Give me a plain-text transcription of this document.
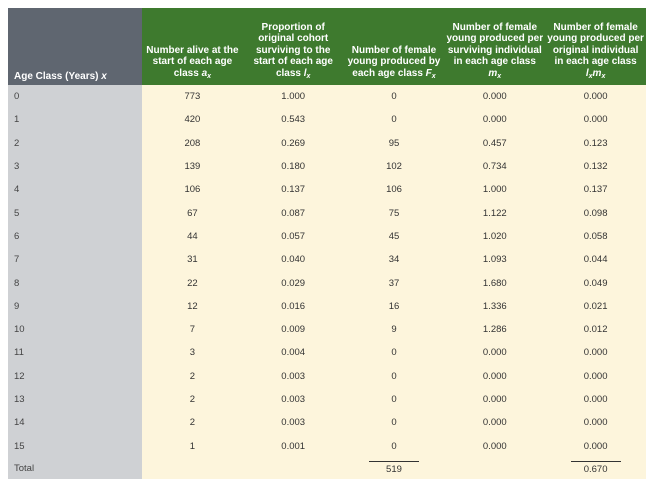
Age Class (Years) x	Number alive at the start of each age class $a_x$	Proportion of original cohort surviving to the start of each age class $l_x$	Number of female young produced by each age class $F_x$	Number of female young produced per surviving individual in each age class $m_x$	Number of female young produced per original individual in each age class $l_xm_x$
0	773	1.000	0	0.000	0.000
1	420	0.543	0	0.000	0.000
2	208	0.269	95	0.457	0.123
3	139	0.180	102	0.734	0.132
4	106	0.137	106	1.000	0.137
5	67	0.087	75	1.122	0.098
6	44	0.057	45	1.020	0.058
7	31	0.040	34	1.093	0.044
8	22	0.029	37	1.680	0.049
9	12	0.016	16	1.336	0.021
10	7	0.009	9	1.286	0.012
11	3	0.004	0	0.000	0.000
12	2	0.003	0	0.000	0.000
13	2	0.003	0	0.000	0.000
14	2	0.003	0	0.000	0.000
15	1	0.001	0	0.000	0.000
Total			519		0.670
